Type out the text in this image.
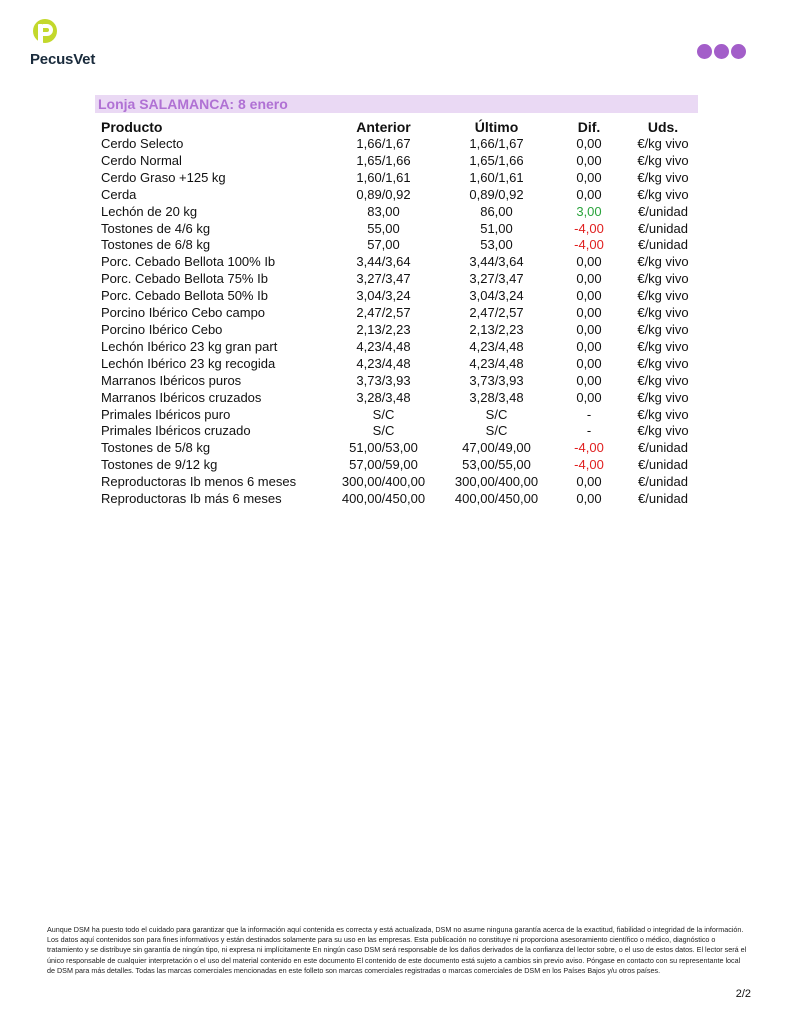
PecusVet
Lonja SALAMANCA: 8 enero
Producto	Anterior	Último	Dif.	Uds.
Cerdo Selecto	1,66/1,67	1,66/1,67	0,00	€/kg vivo
Cerdo Normal	1,65/1,66	1,65/1,66	0,00	€/kg vivo
Cerdo Graso +125 kg	1,60/1,61	1,60/1,61	0,00	€/kg vivo
Cerda	0,89/0,92	0,89/0,92	0,00	€/kg vivo
Lechón de 20 kg	83,00	86,00	3,00	€/unidad
Tostones de 4/6 kg	55,00	51,00	-4,00	€/unidad
Tostones de 6/8 kg	57,00	53,00	-4,00	€/unidad
Porc. Cebado Bellota 100% Ib	3,44/3,64	3,44/3,64	0,00	€/kg vivo
Porc. Cebado Bellota 75% Ib	3,27/3,47	3,27/3,47	0,00	€/kg vivo
Porc. Cebado Bellota 50% Ib	3,04/3,24	3,04/3,24	0,00	€/kg vivo
Porcino Ibérico Cebo campo	2,47/2,57	2,47/2,57	0,00	€/kg vivo
Porcino Ibérico Cebo	2,13/2,23	2,13/2,23	0,00	€/kg vivo
Lechón Ibérico 23 kg gran part	4,23/4,48	4,23/4,48	0,00	€/kg vivo
Lechón Ibérico 23 kg recogida	4,23/4,48	4,23/4,48	0,00	€/kg vivo
Marranos Ibéricos puros	3,73/3,93	3,73/3,93	0,00	€/kg vivo
Marranos Ibéricos cruzados	3,28/3,48	3,28/3,48	0,00	€/kg vivo
Primales Ibéricos puro	S/C	S/C	-	€/kg vivo
Primales Ibéricos cruzado	S/C	S/C	-	€/kg vivo
Tostones de 5/8 kg	51,00/53,00	47,00/49,00	-4,00	€/unidad
Tostones de 9/12 kg	57,00/59,00	53,00/55,00	-4,00	€/unidad
Reproductoras Ib menos 6 meses	300,00/400,00	300,00/400,00	0,00	€/unidad
Reproductoras Ib más 6 meses	400,00/450,00	400,00/450,00	0,00	€/unidad
Aunque DSM ha puesto todo el cuidado para garantizar que la información aquí contenida es correcta y está actualizada, DSM no asume ninguna garantía acerca de la exactitud, fiabilidad o integridad de la información. Los datos aquí contenidos son para fines informativos y están destinados solamente para su uso en las empresas. Esta publicación no constituye ni proporciona asesoramiento científico o médico, diagnóstico o tratamiento y se distribuye sin garantía de ningún tipo, ni expresa ni implícitamente En ningún caso DSM será responsable de los daños derivados de la confianza del lector sobre, o el uso de estos datos. El lector será el único responsable de cualquier interpretación o el uso del material contenido en este documento El contenido de este documento está sujeto a cambios sin previo aviso. Póngase en contacto con su representante local de DSM para más detalles. Todas las marcas comerciales mencionadas en este folleto son marcas comerciales registradas o marcas comerciales de DSM en los Países Bajos y/u otros países.
2/2
